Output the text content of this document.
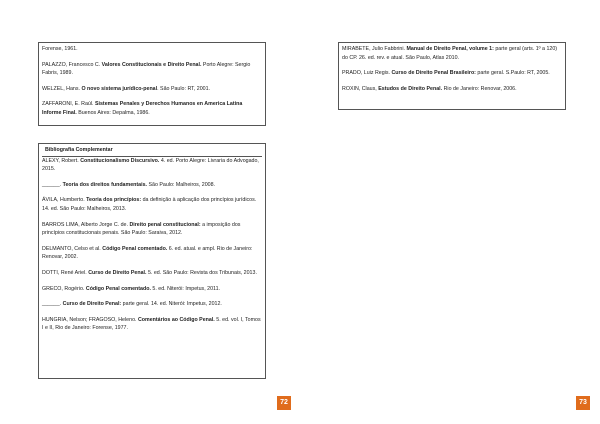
Forense, 1961.

PALAZZO, Francesco C. Valores Constitucionais e Direito Penal. Porto Alegre: Sergio Fabris, 1989.

WELZEL, Hans. O novo sistema jurídico-penal. São Paulo: RT, 2001.

ZAFFARONI, E. Raúl. Sistemas Penales y Derechos Humanos en America Latina Informe Final. Buenos Aires: Depalma, 1986.

Bibliografia Complementar

ALEXY, Robert. Constitucionalismo Discursivo. 4. ed. Porto Alegre: Livraria do Advogado, 2015.

______. Teoria dos direitos fundamentais. São Paulo: Malheiros, 2008.

ÁVILA, Humberto. Teoria dos princípios: da definição à aplicação dos princípios jurídicos. 14. ed. São Paulo: Malheiros, 2013.

BARROS LIMA, Alberto Jorge C. de. Direito penal constitucional: a imposição dos princípios constitucionais penais. São Paulo: Saraiva, 2012.

DELMANTO, Celso et al. Código Penal comentado. 6. ed. atual. e ampl. Rio de Janeiro: Renovar, 2002.

DOTTI, René Ariel. Curso de Direito Penal. 5. ed. São Paulo: Revista dos Tribunais, 2013.

GRECO, Rogério. Código Penal comentado. 5. ed. Niterói: Impetus, 2011.

______. Curso de Direito Penal: parte geral. 14. ed. Niterói: Impetus, 2012.

HUNGRIA, Nelson; FRAGOSO, Heleno. Comentários ao Código Penal. 5. ed. vol. I, Tomos I e II, Rio de Janeiro: Forense, 1977.

MIRABETE, Julio Fabbrini. Manual de Direito Penal, volume 1: parte geral (arts. 1º a 120) do CP. 26. ed. rev. e atual. São Paulo, Atlas 2010.

PRADO, Luiz Regis. Curso de Direito Penal Brasileiro: parte geral. S.Paulo: RT, 2005.

ROXIN, Claus, Estudos de Direito Penal. Rio de Janeiro: Renovar, 2006.

72	73
